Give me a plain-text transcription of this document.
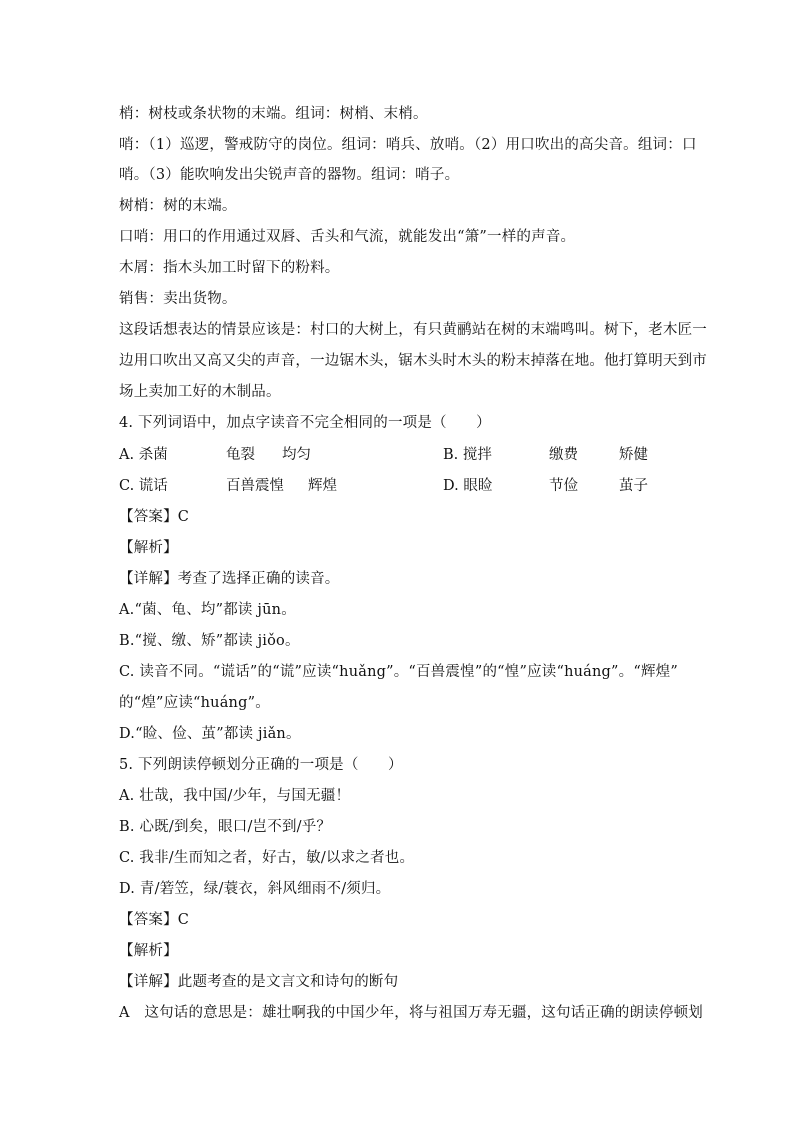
梢：树枝或条状物的末端。组词：树梢、末梢。
哨：（1）巡逻，警戒防守的岗位。组词：哨兵、放哨。（2）用口吹出的高尖音。组词：口
哨。（3）能吹响发出尖锐声音的器物。组词：哨子。
树梢：树的末端。
口哨：用口的作用通过双唇、舌头和气流，就能发出“箫”一样的声音。
木屑：指木头加工时留下的粉料。
销售：卖出货物。
这段话想表达的情景应该是：村口的大树上，有只黄鹂站在树的末端鸣叫。树下，老木匠一
边用口吹出又高又尖的声音，一边锯木头，锯木头时木头的粉末掉落在地。他打算明天到市
场上卖加工好的木制品。
4. 下列词语中，加点字读音不完全相同的一项是（　　）
A. 杀菌	龟裂 均匀	B. 搅拌	缴费	矫健
C. 谎话	百兽震惶 辉煌	D. 眼睑	节俭	茧子
【答案】C
【解析】
【详解】考查了选择正确的读音。
A.“菌、龟、均”都读 jūn。
B.“搅、缴、矫”都读 jiǒo。
C. 读音不同。“谎话”的“谎”应读“huǎng”。“百兽震惶”的“惶”应读“huáng”。“辉煌”
的“煌”应读“huáng”。
D.“睑、俭、茧”都读 jiǎn。
5. 下列朗读停顿划分正确的一项是（　　）
A. 壮哉，我中国/少年，与国无疆！
B. 心既/到矣，眼口/岂不到/乎？
C. 我非/生而知之者，好古，敏/以求之者也。
D. 青/箬笠，绿/蓑衣，斜风细雨不/须归。
【答案】C
【解析】
【详解】此题考查的是文言文和诗句的断句
A　这句话的意思是：雄壮啊我的中国少年，将与祖国万寿无疆，这句话正确的朗读停顿划
